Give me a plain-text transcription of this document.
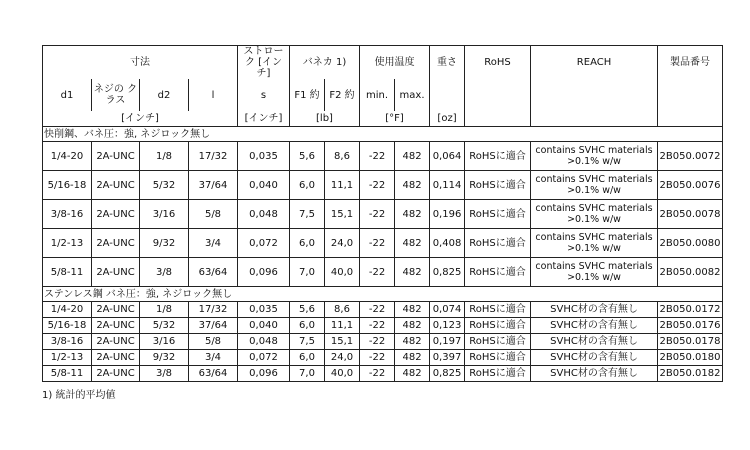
寸法				ストローク [インチ]	バネカ 1)		使用温度		重さ	RoHS	REACH	製品番号
d1	ネジの クラス	d2	l	s	F1 約	F2 約	min.	max.				
[インチ]				[インチ]	[lb]		[°F]		[oz]			
快削鋼、バネ圧：強, ネジロック無し												
1/4-20	2A-UNC	1/8	17/32	0,035	5,6	8,6	-22	482	0,064	RoHSに適合	contains SVHC materials >0.1% w/w	2B050.0072
5/16-18	2A-UNC	5/32	37/64	0,040	6,0	11,1	-22	482	0,114	RoHSに適合	contains SVHC materials >0.1% w/w	2B050.0076
3/8-16	2A-UNC	3/16	5/8	0,048	7,5	15,1	-22	482	0,196	RoHSに適合	contains SVHC materials >0.1% w/w	2B050.0078
1/2-13	2A-UNC	9/32	3/4	0,072	6,0	24,0	-22	482	0,408	RoHSに適合	contains SVHC materials >0.1% w/w	2B050.0080
5/8-11	2A-UNC	3/8	63/64	0,096	7,0	40,0	-22	482	0,825	RoHSに適合	contains SVHC materials >0.1% w/w	2B050.0082
ステンレス鋼 バネ圧：強, ネジロック無し												
1/4-20	2A-UNC	1/8	17/32	0,035	5,6	8,6	-22	482	0,074	RoHSに適合	SVHC材の含有無し	2B050.0172
5/16-18	2A-UNC	5/32	37/64	0,040	6,0	11,1	-22	482	0,123	RoHSに適合	SVHC材の含有無し	2B050.0176
3/8-16	2A-UNC	3/16	5/8	0,048	7,5	15,1	-22	482	0,197	RoHSに適合	SVHC材の含有無し	2B050.0178
1/2-13	2A-UNC	9/32	3/4	0,072	6,0	24,0	-22	482	0,397	RoHSに適合	SVHC材の含有無し	2B050.0180
5/8-11	2A-UNC	3/8	63/64	0,096	7,0	40,0	-22	482	0,825	RoHSに適合	SVHC材の含有無し	2B050.0182
1) 統計的平均値
